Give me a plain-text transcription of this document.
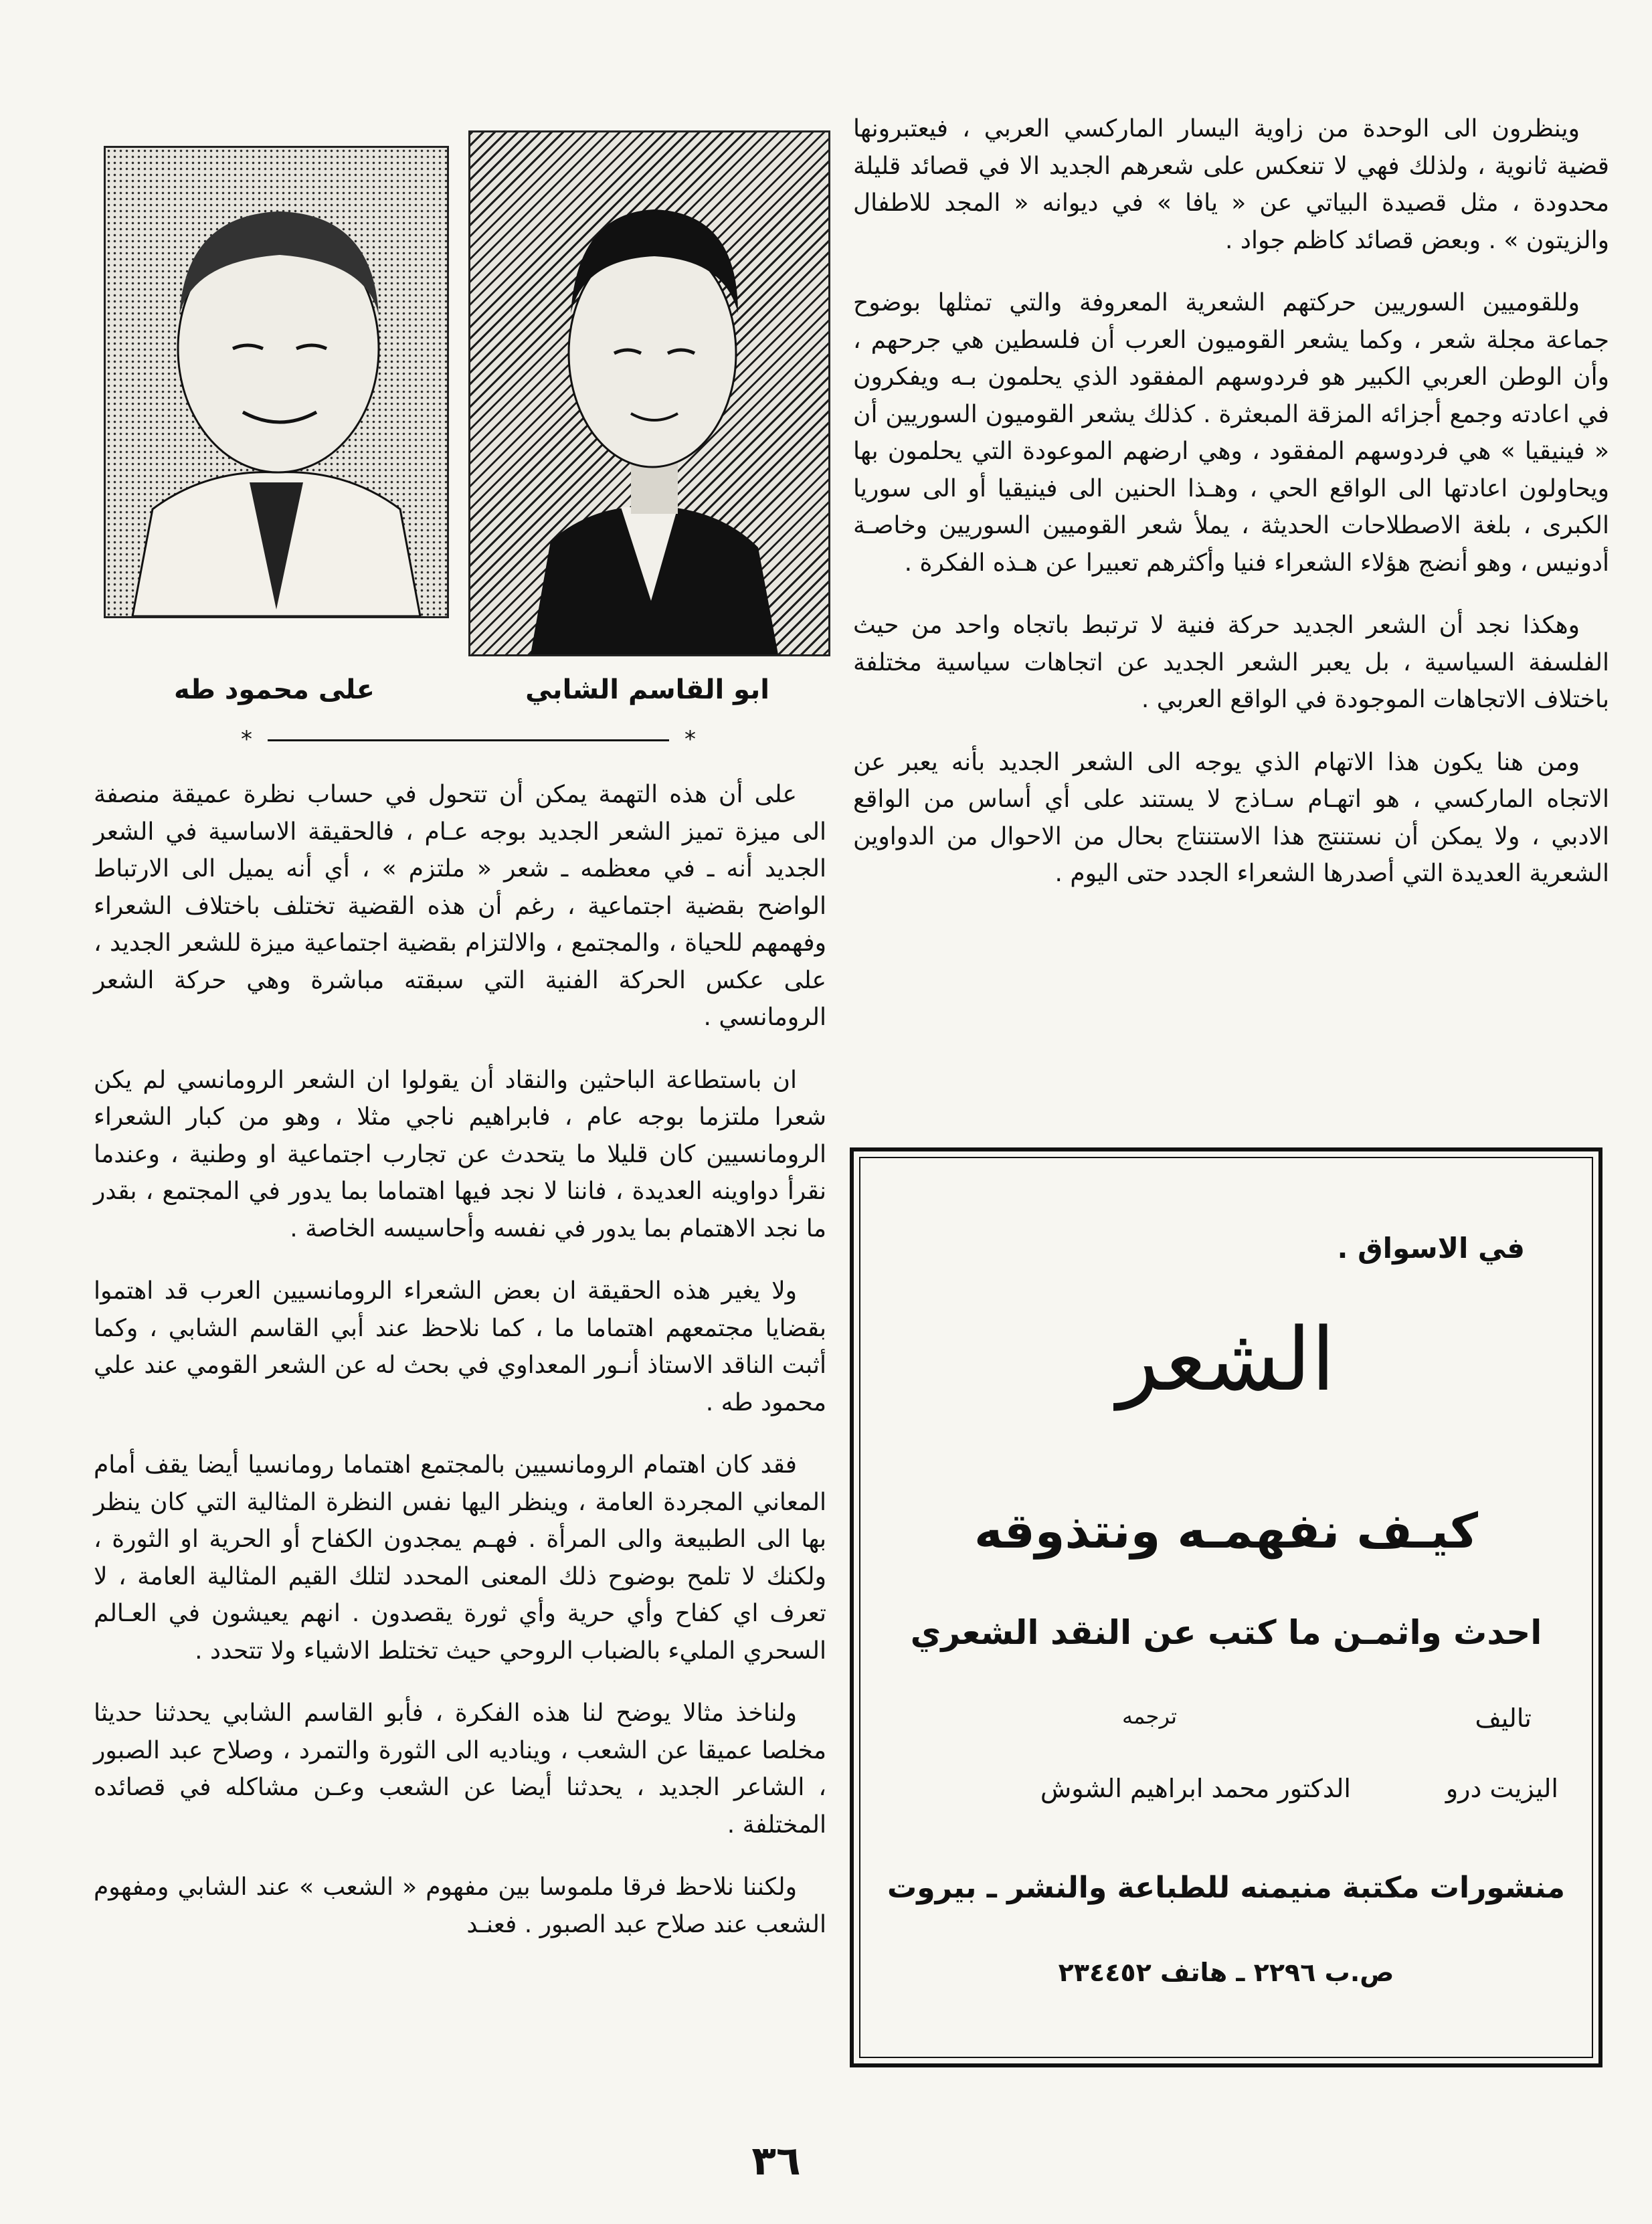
وينظرون الى الوحدة من زاوية اليسار الماركسي العربي ، فيعتبرونها قضية ثانوية ، ولذلك فهي لا تنعكس على شعرهم الجديد الا في قصائد قليلة محدودة ، مثل قصيدة البياتي عن « يافا » في ديوانه « المجد للاطفال والزيتون » . وبعض قصائد كاظم جواد .

وللقوميين السوريين حركتهم الشعرية المعروفة والتي تمثلها بوضوح جماعة مجلة شعر ، وكما يشعر القوميون العرب أن فلسطين هي جرحهم ، وأن الوطن العربي الكبير هو فردوسهم المفقود الذي يحلمون بـه ويفكرون في اعادته وجمع أجزائه المزقة المبعثرة . كذلك يشعر القوميون السوريين أن « فينيقيا » هي فردوسهم المفقود ، وهي ارضهم الموعودة التي يحلمون بها ويحاولون اعادتها الى الواقع الحي ، وهـذا الحنين الى فينيقيا أو الى سوريا الكبرى ، بلغة الاصطلاحات الحديثة ، يملأ شعر القوميين السوريين وخاصـة أدونيس ، وهو أنضج هؤلاء الشعراء فنيا وأكثرهم تعبيرا عن هـذه الفكرة .

وهكذا نجد أن الشعر الجديد حركة فنية لا ترتبط باتجاه واحد من حيث الفلسفة السياسية ، بل يعبر الشعر الجديد عن اتجاهات سياسية مختلفة باختلاف الاتجاهات الموجودة في الواقع العربي .

ومن هنا يكون هذا الاتهام الذي يوجه الى الشعر الجديد بأنه يعبر عن الاتجاه الماركسي ، هو اتهـام سـاذج لا يستند على أي أساس من الواقع الادبي ، ولا يمكن أن نستنتج هذا الاستنتاج بحال من الاحوال من الدواوين الشعرية العديدة التي أصدرها الشعراء الجدد حتى اليوم .

ابو القاسم الشابي
على محمود طه
*	*

على أن هذه التهمة يمكن أن تتحول في حساب نظرة عميقة منصفة الى ميزة تميز الشعر الجديد بوجه عـام ، فالحقيقة الاساسية في الشعر الجديد أنه ـ في معظمه ـ شعر « ملتزم » ، أي أنه يميل الى الارتباط الواضح بقضية اجتماعية ، رغم أن هذه القضية تختلف باختلاف الشعراء وفهمهم للحياة ، والمجتمع ، والالتزام بقضية اجتماعية ميزة للشعر الجديد ، على عكس الحركة الفنية التي سبقته مباشرة وهي حركة الشعر الرومانسي .

ان باستطاعة الباحثين والنقاد أن يقولوا ان الشعر الرومانسي لم يكن شعرا ملتزما بوجه عام ، فابراهيم ناجي مثلا ، وهو من كبار الشعراء الرومانسيين كان قليلا ما يتحدث عن تجارب اجتماعية او وطنية ، وعندما نقرأ دواوينه العديدة ، فاننا لا نجد فيها اهتماما بما يدور في المجتمع ، بقدر ما نجد الاهتمام بما يدور في نفسه وأحاسيسه الخاصة .

ولا يغير هذه الحقيقة ان بعض الشعراء الرومانسيين العرب قد اهتموا بقضايا مجتمعهم اهتماما ما ، كما نلاحظ عند أبي القاسم الشابي ، وكما أثبت الناقد الاستاذ أنـور المعداوي في بحث له عن الشعر القومي عند علي محمود طه .

فقد كان اهتمام الرومانسيين بالمجتمع اهتماما رومانسيا أيضا يقف أمام المعاني المجردة العامة ، وينظر اليها نفس النظرة المثالية التي كان ينظر بها الى الطبيعة والى المرأة . فهـم يمجدون الكفاح أو الحرية او الثورة ، ولكنك لا تلمح بوضوح ذلك المعنى المحدد لتلك القيم المثالية العامة ، لا تعرف اي كفاح وأي حرية وأي ثورة يقصدون . انهم يعيشون في العـالم السحري المليء بالضباب الروحي حيث تختلط الاشياء ولا تتحدد .

ولناخذ مثالا يوضح لنا هذه الفكرة ، فأبو القاسم الشابي يحدثنا حديثا مخلصا عميقا عن الشعب ، ويناديه الى الثورة والتمرد ، وصلاح عبد الصبور ، الشاعر الجديد ، يحدثنا أيضا عن الشعب وعـن مشاكله في قصائده المختلفة .

ولكننا نلاحظ فرقا ملموسا بين مفهوم « الشعب » عند الشابي ومفهوم الشعب عند صلاح عبد الصبور . فعنـد

في الاسواق .
الشعر
كيـف نفهمـه ونتذوقه
احدث واثمـن ما كتب عن النقد الشعري
تاليف
ترجمه
اليزيت درو
الدكتور محمد ابراهيم الشوش
منشورات مكتبة منيمنه للطباعة والنشر ـ بيروت
ص.ب ٢٢٩٦ ـ هاتف ٢٣٤٤٥٢
٣٦
